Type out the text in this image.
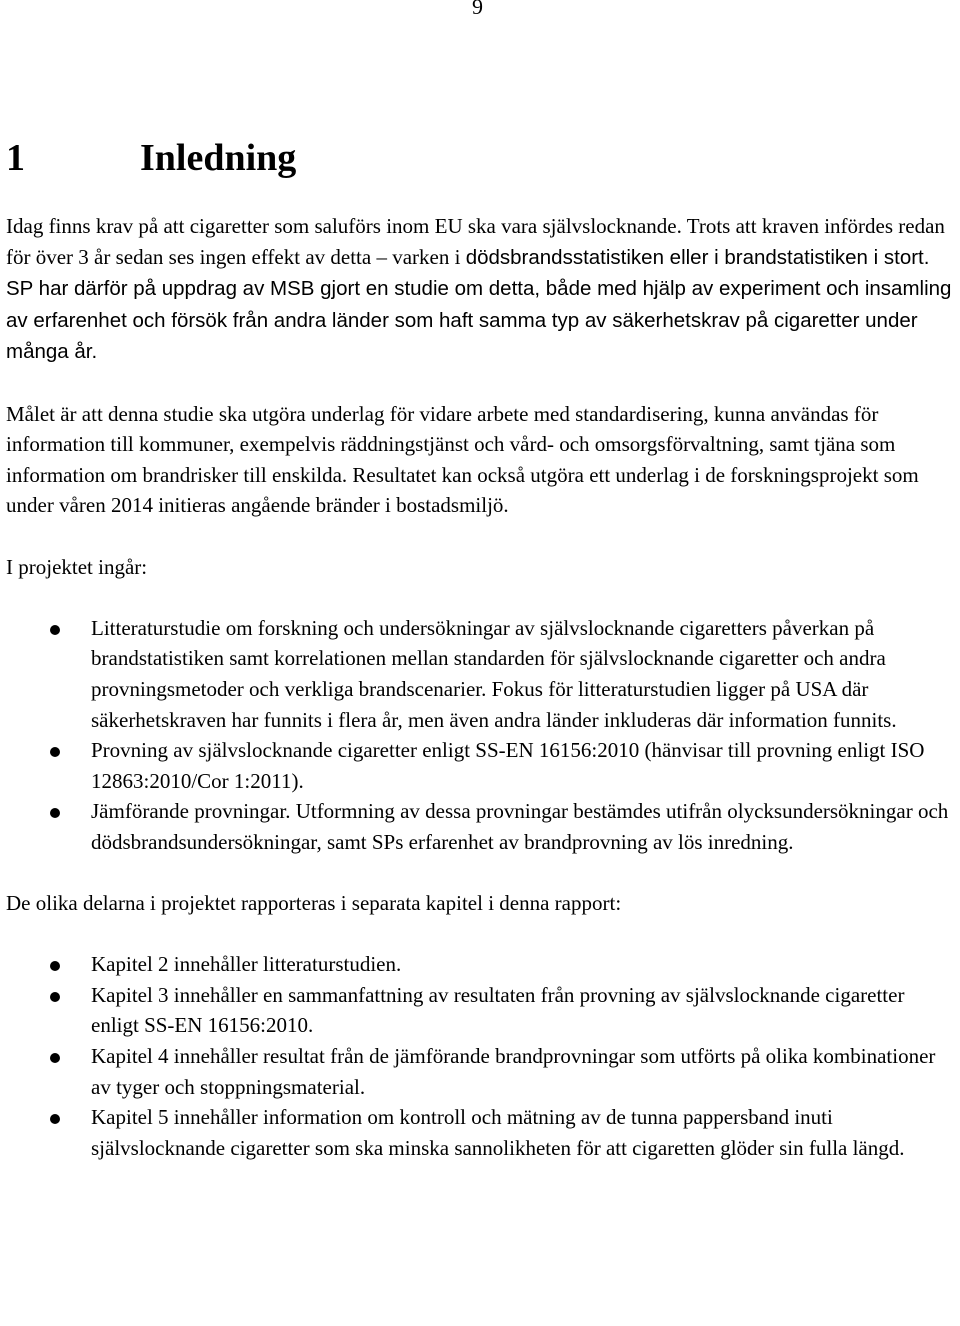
9
1	Inledning

Idag finns krav på att cigaretter som saluförs inom EU ska vara självslocknande. Trots att kraven infördes redan för över 3 år sedan ses ingen effekt av detta – varken i dödsbrandsstatistiken eller i brandstatistiken i stort. SP har därför på uppdrag av MSB gjort en studie om detta, både med hjälp av experiment och insamling av erfarenhet och försök från andra länder som haft samma typ av säkerhetskrav på cigaretter under många år.

Målet är att denna studie ska utgöra underlag för vidare arbete med standardisering, kunna användas för information till kommuner, exempelvis räddningstjänst och vård- och omsorgsförvaltning, samt tjäna som information om brandrisker till enskilda. Resultatet kan också utgöra ett underlag i de forskningsprojekt som under våren 2014 initieras angående bränder i bostadsmiljö.

I projektet ingår:

Litteraturstudie om forskning och undersökningar av självslocknande cigaretters påverkan på brandstatistiken samt korrelationen mellan standarden för självslocknande cigaretter och andra provningsmetoder och verkliga brandscenarier. Fokus för litteraturstudien ligger på USA där säkerhetskraven har funnits i flera år, men även andra länder inkluderas där information funnits.
Provning av självslocknande cigaretter enligt SS-EN 16156:2010 (hänvisar till provning enligt ISO 12863:2010/Cor 1:2011).
Jämförande provningar. Utformning av dessa provningar bestämdes utifrån olycksundersökningar och dödsbrandsundersökningar, samt SPs erfarenhet av brandprovning av lös inredning.

De olika delarna i projektet rapporteras i separata kapitel i denna rapport:

Kapitel 2 innehåller litteraturstudien.
Kapitel 3 innehåller en sammanfattning av resultaten från provning av självslocknande cigaretter enligt SS-EN 16156:2010.
Kapitel 4 innehåller resultat från de jämförande brandprovningar som utförts på olika kombinationer av tyger och stoppningsmaterial.
Kapitel 5 innehåller information om kontroll och mätning av de tunna pappersband inuti självslocknande cigaretter som ska minska sannolikheten för att cigaretten glöder sin fulla längd.
